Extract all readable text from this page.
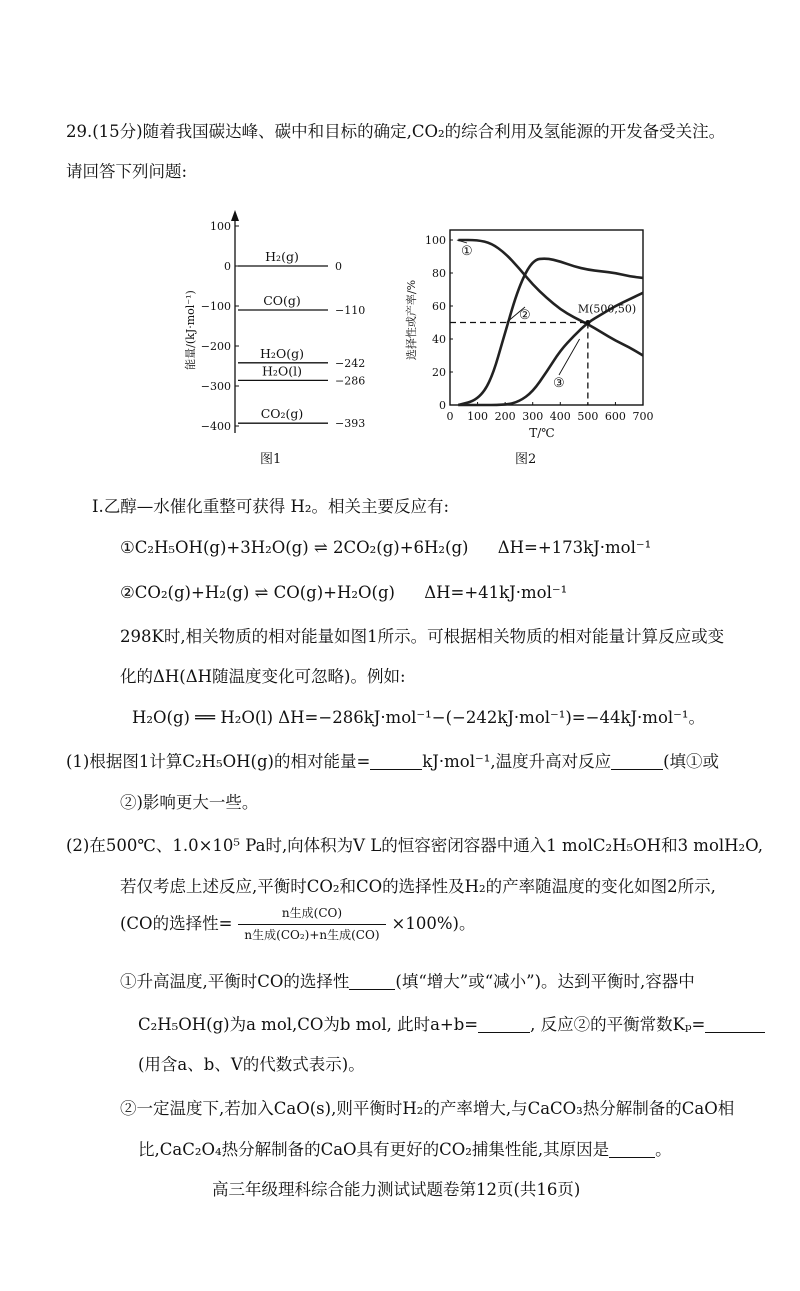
29.(15分)随着我国碳达峰、碳中和目标的确定,CO₂的综合利用及氢能源的开发备受关注。
请回答下列问题:
100
0
−100
−200
−300
−400
H₂(g)
0
CO(g)
−110
H₂O(g)
−242
H₂O(l)
−286
CO₂(g)
−393
能量/(kJ·mol⁻¹)
图1
0 100 200 300 400 500 600 700
0
20
40
60
80
100
①
②
③
M(500,50)
选择性或产率/%
T/℃
图2
Ⅰ.乙醇—水催化重整可获得 H₂。相关主要反应有:
①C₂H₅OH(g)+3H₂O(g) ⇌ 2CO₂(g)+6H₂(g) ΔH=+173kJ·mol⁻¹
②CO₂(g)+H₂(g) ⇌ CO(g)+H₂O(g) ΔH=+41kJ·mol⁻¹
298K时,相关物质的相对能量如图1所示。可根据相关物质的相对能量计算反应或变
化的ΔH(ΔH随温度变化可忽略)。例如:
H₂O(g) ══ H₂O(l) ΔH=−286kJ·mol⁻¹−(−242kJ·mol⁻¹)=−44kJ·mol⁻¹。
(1)根据图1计算C₂H₅OH(g)的相对能量=	kJ·mol⁻¹,温度升高对反应	(填①或
②)影响更大一些。
(2)在500℃、1.0×10⁵ Pa时,向体积为V L的恒容密闭容器中通入1 molC₂H₅OH和3 molH₂O,
若仅考虑上述反应,平衡时CO₂和CO的选择性及H₂的产率随温度的变化如图2所示,
(CO的选择性= $\frac{\text{n生成(CO)}}{\text{n生成(CO₂)+n生成(CO)}} \times 100\%$)。
①升高温度,平衡时CO的选择性	(填“增大”或“减小”)。达到平衡时,容器中
C₂H₅OH(g)为a mol,CO为b mol, 此时a+b=	, 反应②的平衡常数Kₚ=
(用含a、b、V的代数式表示)。
②一定温度下,若加入CaO(s),则平衡时H₂的产率增大,与CaCO₃热分解制备的CaO相
比,CaC₂O₄热分解制备的CaO具有更好的CO₂捕集性能,其原因是	。
高三年级理科综合能力测试试题卷第12页(共16页)
